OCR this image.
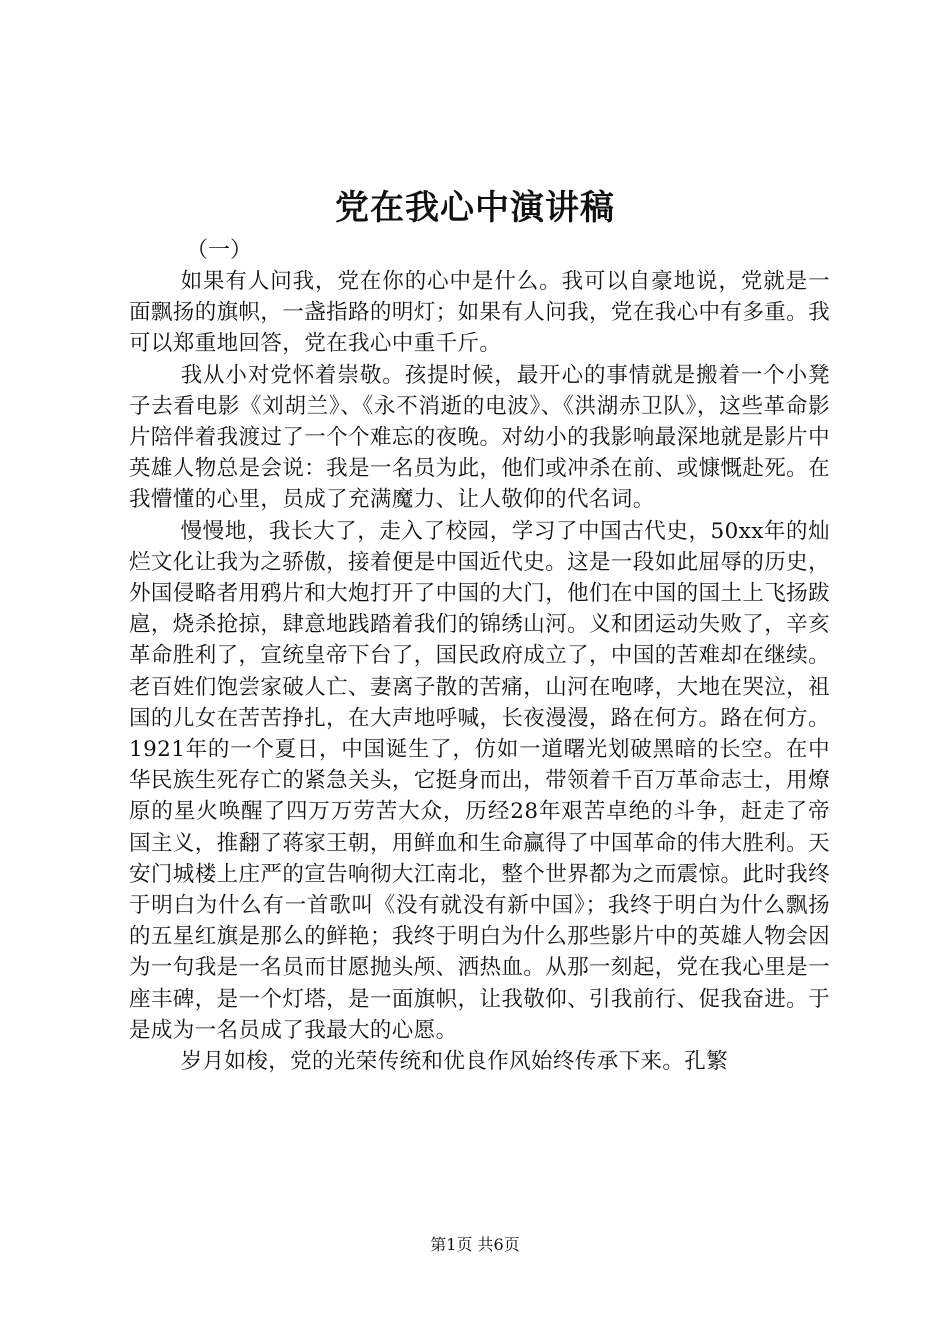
党在我心中演讲稿
（一）

如果有人问我，党在你的心中是什么。我可以自豪地说，党就是一面飘扬的旗帜，一盏指路的明灯；如果有人问我，党在我心中有多重。我可以郑重地回答，党在我心中重千斤。

我从小对党怀着崇敬。孩提时候，最开心的事情就是搬着一个小凳子去看电影《刘胡兰》、《永不消逝的电波》、《洪湖赤卫队》，这些革命影片陪伴着我渡过了一个个难忘的夜晚。对幼小的我影响最深地就是影片中英雄人物总是会说：我是一名员为此，他们或冲杀在前、或慷慨赴死。在我懵懂的心里，员成了充满魔力、让人敬仰的代名词。

慢慢地，我长大了，走入了校园，学习了中国古代史，50xx年的灿烂文化让我为之骄傲，接着便是中国近代史。这是一段如此屈辱的历史，外国侵略者用鸦片和大炮打开了中国的大门，他们在中国的国土上飞扬跋扈，烧杀抢掠，肆意地践踏着我们的锦绣山河。义和团运动失败了，辛亥革命胜利了，宣统皇帝下台了，国民政府成立了，中国的苦难却在继续。老百姓们饱尝家破人亡、妻离子散的苦痛，山河在咆哮，大地在哭泣，祖国的儿女在苦苦挣扎，在大声地呼喊，长夜漫漫，路在何方。路在何方。1921年的一个夏日，中国诞生了，仿如一道曙光划破黑暗的长空。在中华民族生死存亡的紧急关头，它挺身而出，带领着千百万革命志士，用燎原的星火唤醒了四万万劳苦大众，历经28年艰苦卓绝的斗争，赶走了帝国主义，推翻了蒋家王朝，用鲜血和生命赢得了中国革命的伟大胜利。天安门城楼上庄严的宣告响彻大江南北，整个世界都为之而震惊。此时我终于明白为什么有一首歌叫《没有就没有新中国》；我终于明白为什么飘扬的五星红旗是那么的鲜艳；我终于明白为什么那些影片中的英雄人物会因为一句我是一名员而甘愿抛头颅、洒热血。从那一刻起，党在我心里是一座丰碑，是一个灯塔，是一面旗帜，让我敬仰、引我前行、促我奋进。于是成为一名员成了我最大的心愿。

岁月如梭，党的光荣传统和优良作风始终传承下来。孔繁

第1页 共6页
